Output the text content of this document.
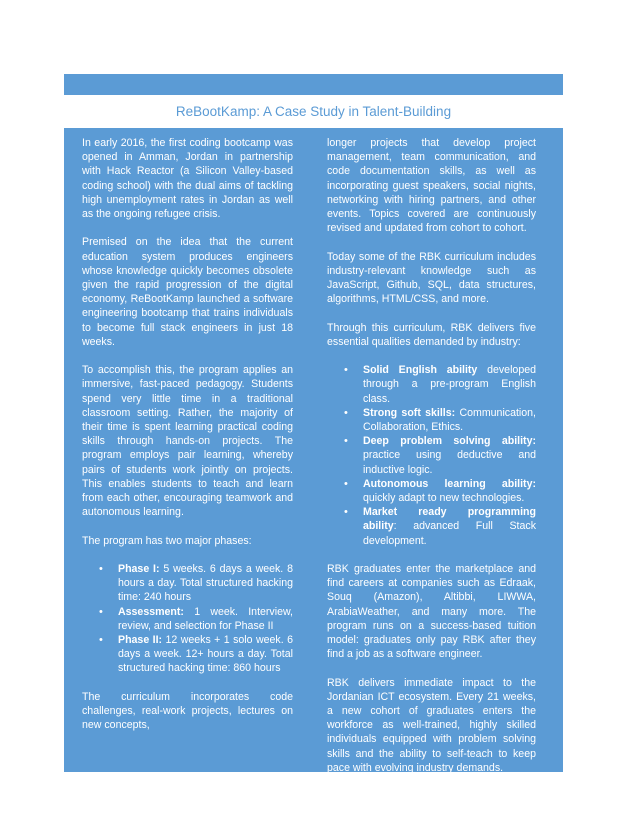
ReBootKamp: A Case Study in Talent-Building

In early 2016, the first coding bootcamp was opened in Amman, Jordan in partnership with Hack Reactor (a Silicon Valley-based coding school) with the dual aims of tackling high unemployment rates in Jordan as well as the ongoing refugee crisis.

Premised on the idea that the current education system produces engineers whose knowledge quickly becomes obsolete given the rapid progression of the digital economy, ReBootKamp launched a software engineering bootcamp that trains individuals to become full stack engineers in just 18 weeks.

To accomplish this, the program applies an immersive, fast-paced pedagogy. Students spend very little time in a traditional classroom setting. Rather, the majority of their time is spent learning practical coding skills through hands-on projects. The program employs pair learning, whereby pairs of students work jointly on projects. This enables students to teach and learn from each other, encouraging teamwork and autonomous learning.

The program has two major phases:

• Phase I: 5 weeks. 6 days a week. 8 hours a day. Total structured hacking time: 240 hours
• Assessment: 1 week. Interview, review, and selection for Phase II
• Phase II: 12 weeks + 1 solo week. 6 days a week. 12+ hours a day. Total structured hacking time: 860 hours

The curriculum incorporates code challenges, real-work projects, lectures on new concepts,

longer projects that develop project management, team communication, and code documentation skills, as well as incorporating guest speakers, social nights, networking with hiring partners, and other events. Topics covered are continuously revised and updated from cohort to cohort.

Today some of the RBK curriculum includes industry-relevant knowledge such as JavaScript, Github, SQL, data structures, algorithms, HTML/CSS, and more.

Through this curriculum, RBK delivers five essential qualities demanded by industry:

• Solid English ability developed through a pre-program English class.
• Strong soft skills: Communication, Collaboration, Ethics.
• Deep problem solving ability: practice using deductive and inductive logic.
• Autonomous learning ability: quickly adapt to new technologies.
• Market ready programming ability: advanced Full Stack development.

RBK graduates enter the marketplace and find careers at companies such as Edraak, Souq (Amazon), Altibbi, LIWWA, ArabiaWeather, and many more. The program runs on a success-based tuition model: graduates only pay RBK after they find a job as a software engineer.

RBK delivers immediate impact to the Jordanian ICT ecosystem. Every 21 weeks, a new cohort of graduates enters the workforce as well-trained, highly skilled individuals equipped with problem solving skills and the ability to self-teach to keep pace with evolving industry demands.
